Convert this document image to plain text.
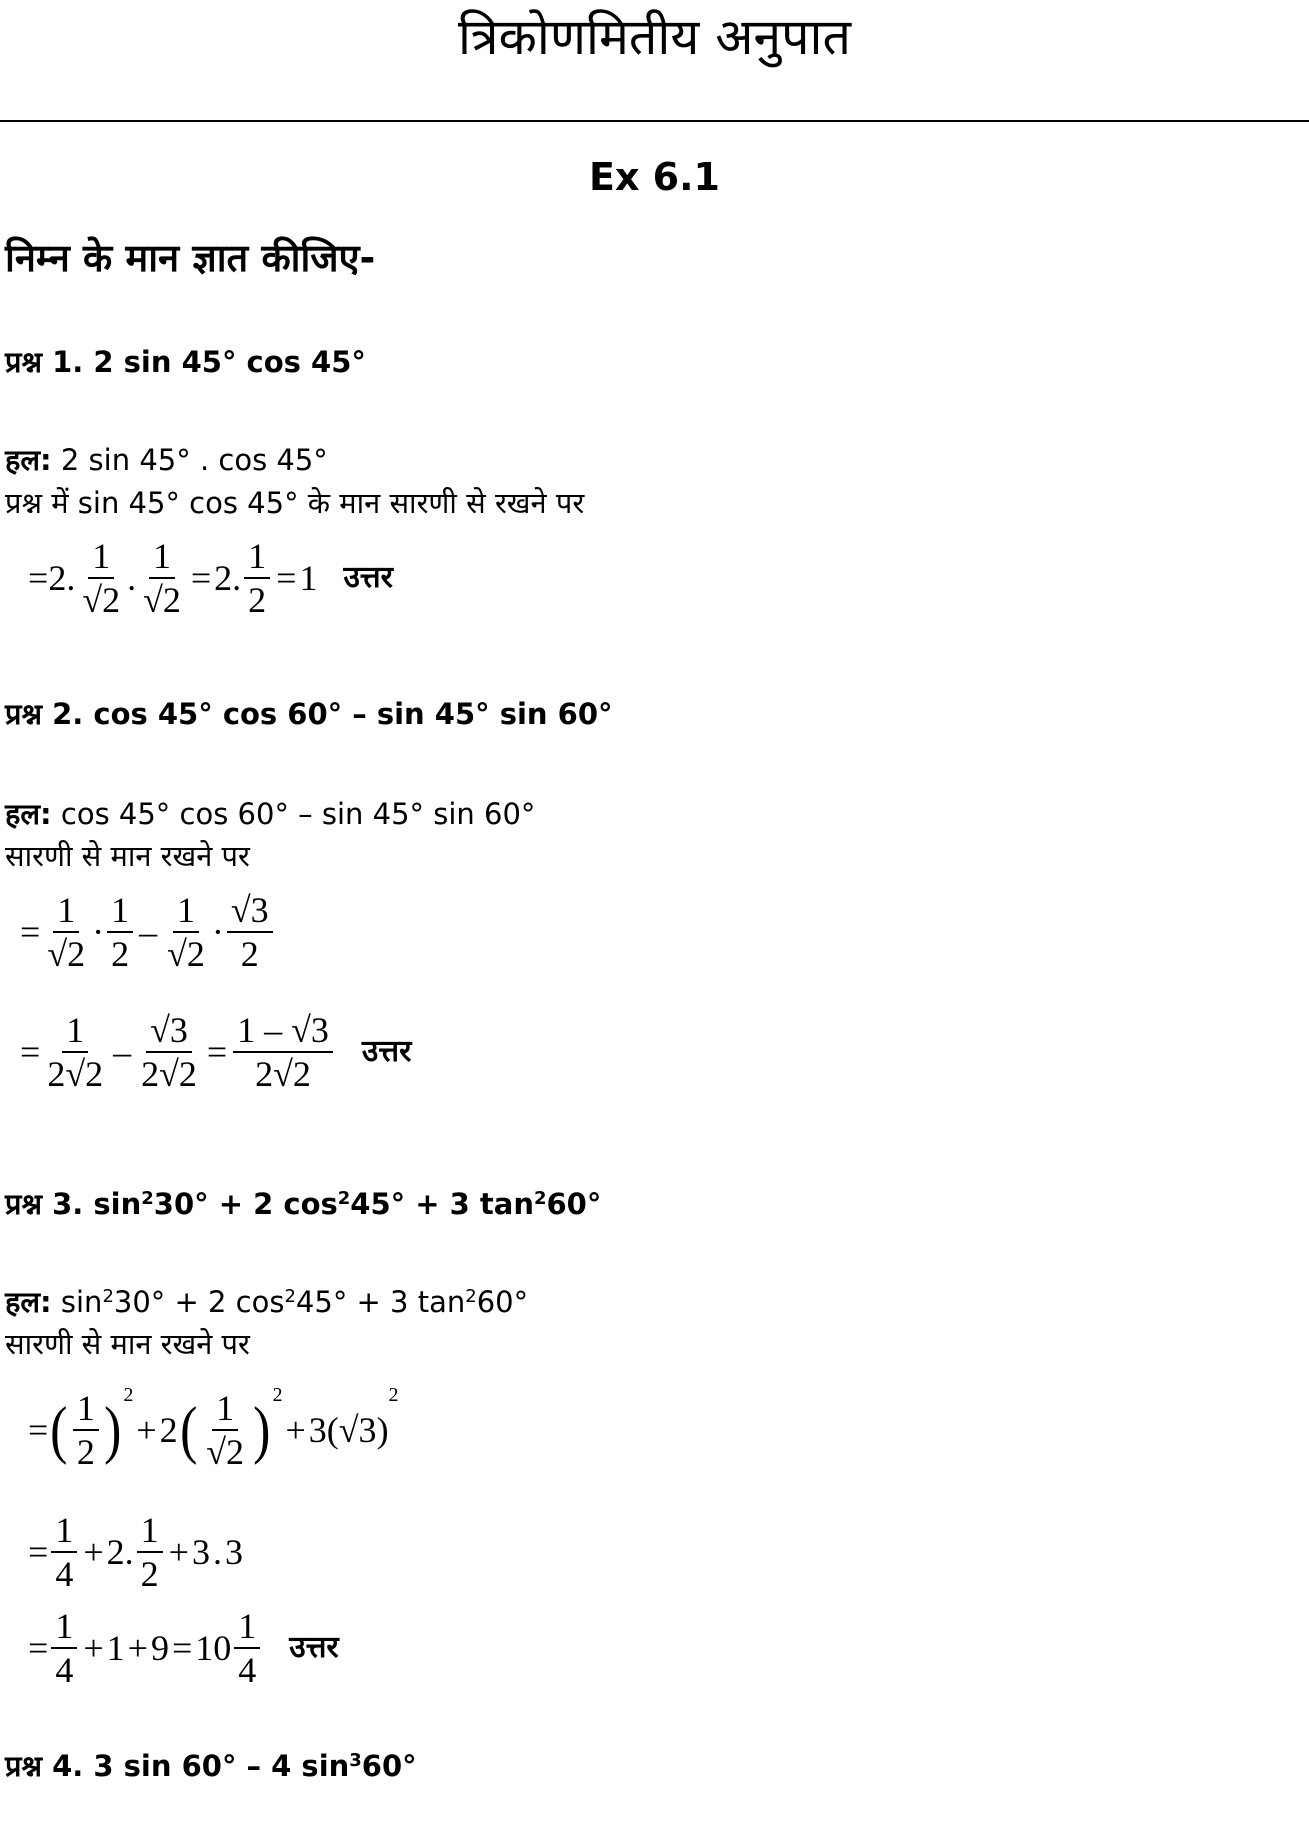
त्रिकोणमितीय अनुपात
Ex 6.1
निम्न के मान ज्ञात कीजिए-
प्रश्न 1. 2 sin 45° cos 45°
हल: 2 sin 45° . cos 45°
प्रश्न में sin 45° cos 45° के मान सारणी से रखने पर
= 2 . $\frac{1}{√2}$ . $\frac{1}{√2} = 2$ . $\frac{1}{2} = 1$ उत्तर
प्रश्न 2. cos 45° cos 60° – sin 45° sin 60°
हल: cos 45° cos 60° – sin 45° sin 60°
सारणी से मान रखने पर
= $\frac{1}{√2} \cdot \frac{1}{2} - \frac{1}{√2} \cdot \frac{√3}{2}$
= $\frac{1}{2√2} - \frac{√3}{2√2} = \frac{1 - √3}{2√2}$ उत्तर
प्रश्न 3. $\sin^230^\circ + 2$ $\cos^245^\circ + 3$ $\tan^260^\circ$
हल: $\sin^230^\circ + 2$ $\cos^245^\circ + 3$ $\tan^260^\circ$
सारणी से मान रखने पर
= ( $\frac{1}{2}$ ) 2
+ 2 ( $\frac{1}{√2}$ ) 2
+ 3 ( √3 )
2
= $\frac{1}{4} + 2$ . $\frac{1}{2} + 3$ . 3
= $\frac{1}{4} + 1 + 9 = 10 \frac{1}{4}$ उत्तर
प्रश्न 4. 3 sin 60° – 4 $\sin^360^\circ$
